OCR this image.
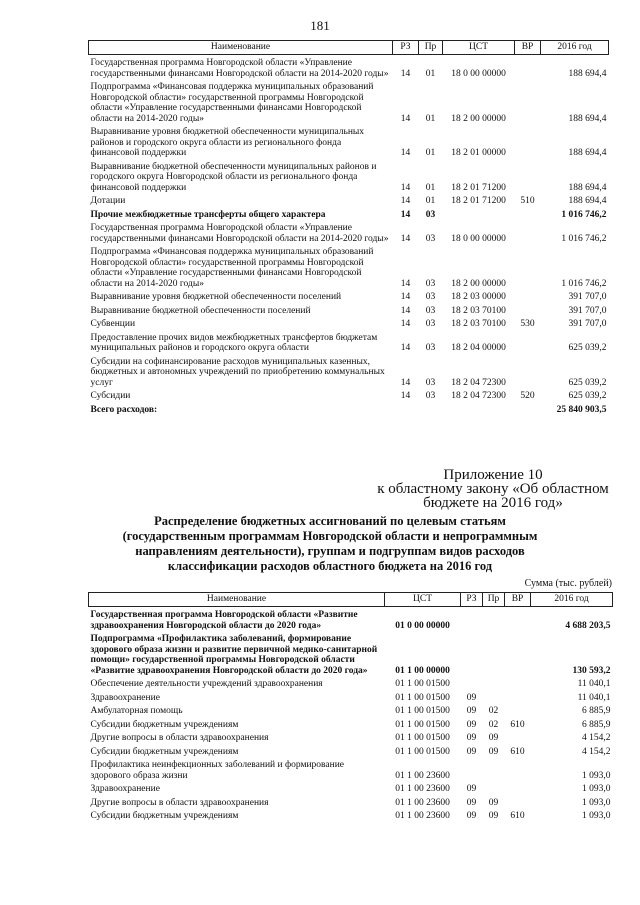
181
Наименование	РЗ	Пр	ЦСТ	ВР	2016 год
Государственная программа Новгородской области «Управление государственными финансами Новгородской области на 2014-2020 годы»	14	01	18 0 00 00000		188 694,4
Подпрограмма «Финансовая поддержка муниципальных образований Новгородской области» государственной программы Новгородской области «Управление государственными финансами Новгородской области на 2014-2020 годы»	14	01	18 2 00 00000		188 694,4
Выравнивание уровня бюджетной обеспеченности муниципальных районов и городского округа области из регионального фонда финансовой поддержки	14	01	18 2 01 00000		188 694,4
Выравнивание бюджетной обеспеченности муниципальных районов и городского округа Новгородской области из регионального фонда финансовой поддержки	14	01	18 2 01 71200		188 694,4
Дотации	14	01	18 2 01 71200	510	188 694,4
Прочие межбюджетные трансферты общего характера	14	03			1 016 746,2
Государственная программа Новгородской области «Управление государственными финансами Новгородской области на 2014-2020 годы»	14	03	18 0 00 00000		1 016 746,2
Подпрограмма «Финансовая поддержка муниципальных образований Новгородской области» государственной программы Новгородской области «Управление государственными финансами Новгородской области на 2014-2020 годы»	14	03	18 2 00 00000		1 016 746,2
Выравнивание уровня бюджетной обеспеченности поселений	14	03	18 2 03 00000		391 707,0
Выравнивание бюджетной обеспеченности поселений	14	03	18 2 03 70100		391 707,0
Субвенции	14	03	18 2 03 70100	530	391 707,0
Предоставление прочих видов межбюджетных трансфертов бюджетам муниципальных районов и городского округа области	14	03	18 2 04 00000		625 039,2
Субсидии на софинансирование расходов муниципальных казенных, бюджетных и автономных учреждений по приобретению коммунальных услуг	14	03	18 2 04 72300		625 039,2
Субсидии	14	03	18 2 04 72300	520	625 039,2
Всего расходов:					25 840 903,5
Приложение 10
к областному закону «Об областном
бюджете на 2016 год»
Распределение бюджетных ассигнований по целевым статьям
(государственным программам Новгородской области и непрограммным
направлениям деятельности), группам и подгруппам видов расходов
классификации расходов областного бюджета на 2016 год
Сумма (тыс. рублей)
Наименование	ЦСТ	РЗ	Пр	ВР	2016 год
Государственная программа Новгородской области «Развитие здравоохранения Новгородской области до 2020 года»	01 0 00 00000				4 688 203,5
Подпрограмма «Профилактика заболеваний, формирование здорового образа жизни и развитие первичной медико-санитарной помощи» государственной программы Новгородской области «Развитие здравоохранения Новгородской области до 2020 года»	01 1 00 00000				130 593,2
Обеспечение деятельности учреждений здравоохранения	01 1 00 01500				11 040,1
Здравоохранение	01 1 00 01500	09			11 040,1
Амбулаторная помощь	01 1 00 01500	09	02		6 885,9
Субсидии бюджетным учреждениям	01 1 00 01500	09	02	610	6 885,9
Другие вопросы в области здравоохранения	01 1 00 01500	09	09		4 154,2
Субсидии бюджетным учреждениям	01 1 00 01500	09	09	610	4 154,2
Профилактика неинфекционных заболеваний и формирование здорового образа жизни	01 1 00 23600				1 093,0
Здравоохранение	01 1 00 23600	09			1 093,0
Другие вопросы в области здравоохранения	01 1 00 23600	09	09		1 093,0
Субсидии бюджетным учреждениям	01 1 00 23600	09	09	610	1 093,0
